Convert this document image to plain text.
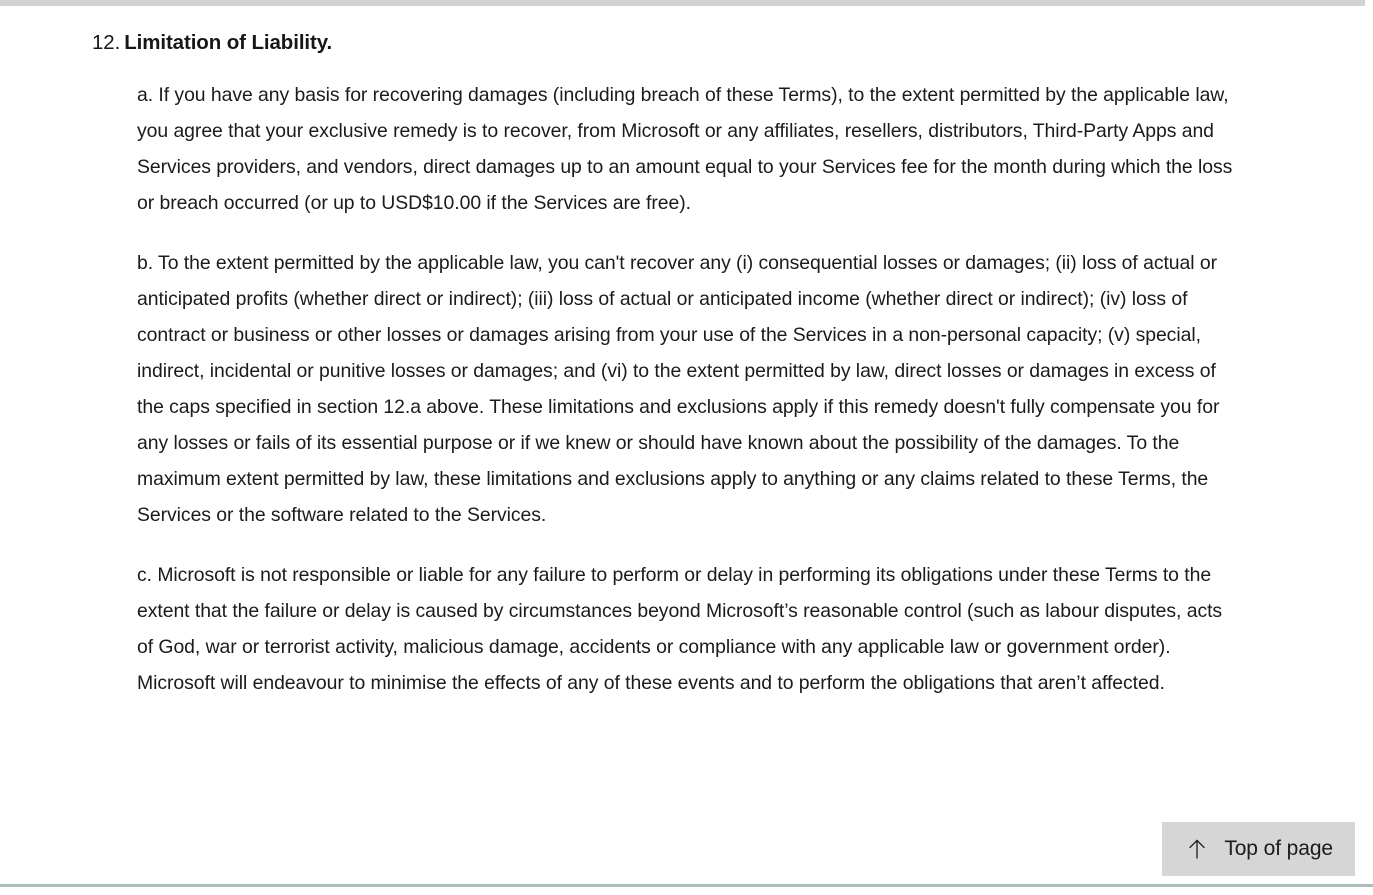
12. Limitation of Liability.

a. If you have any basis for recovering damages (including breach of these Terms), to the extent permitted by the applicable law, you agree that your exclusive remedy is to recover, from Microsoft or any affiliates, resellers, distributors, Third-Party Apps and Services providers, and vendors, direct damages up to an amount equal to your Services fee for the month during which the loss or breach occurred (or up to USD$10.00 if the Services are free).

b. To the extent permitted by the applicable law, you can't recover any (i) consequential losses or damages; (ii) loss of actual or anticipated profits (whether direct or indirect); (iii) loss of actual or anticipated income (whether direct or indirect); (iv) loss of contract or business or other losses or damages arising from your use of the Services in a non-personal capacity; (v) special, indirect, incidental or punitive losses or damages; and (vi) to the extent permitted by law, direct losses or damages in excess of the caps specified in section 12.a above. These limitations and exclusions apply if this remedy doesn't fully compensate you for any losses or fails of its essential purpose or if we knew or should have known about the possibility of the damages. To the maximum extent permitted by law, these limitations and exclusions apply to anything or any claims related to these Terms, the Services or the software related to the Services.

c. Microsoft is not responsible or liable for any failure to perform or delay in performing its obligations under these Terms to the extent that the failure or delay is caused by circumstances beyond Microsoft’s reasonable control (such as labour disputes, acts of God, war or terrorist activity, malicious damage, accidents or compliance with any applicable law or government order). Microsoft will endeavour to minimise the effects of any of these events and to perform the obligations that aren’t affected.

Top of page
